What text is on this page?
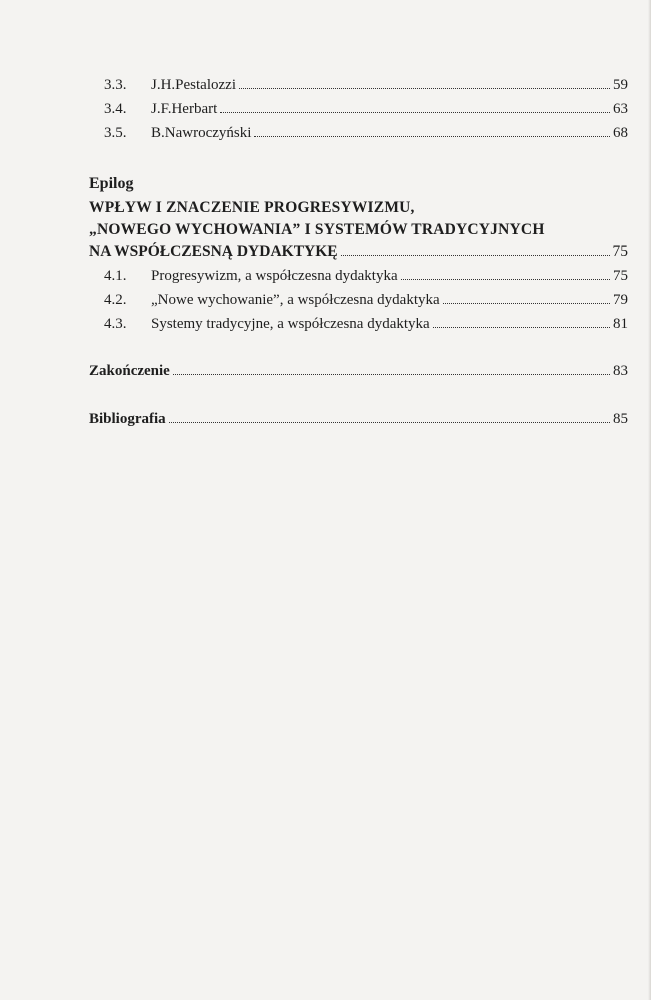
3.3.	J.H.Pestalozzi	59
3.4.	J.F.Herbart	63
3.5.	B.Nawroczyński	68
Epilog
WPŁYW I ZNACZENIE PROGRESYWIZMU,
„NOWEGO WYCHOWANIA” I SYSTEMÓW TRADYCYJNYCH
NA WSPÓŁCZESNĄ DYDAKTYKĘ	75
4.1.	Progresywizm, a współczesna dydaktyka	75
4.2.	„Nowe wychowanie”, a współczesna dydaktyka	79
4.3.	Systemy tradycyjne, a współczesna dydaktyka	81
Zakończenie	83
Bibliografia	85
